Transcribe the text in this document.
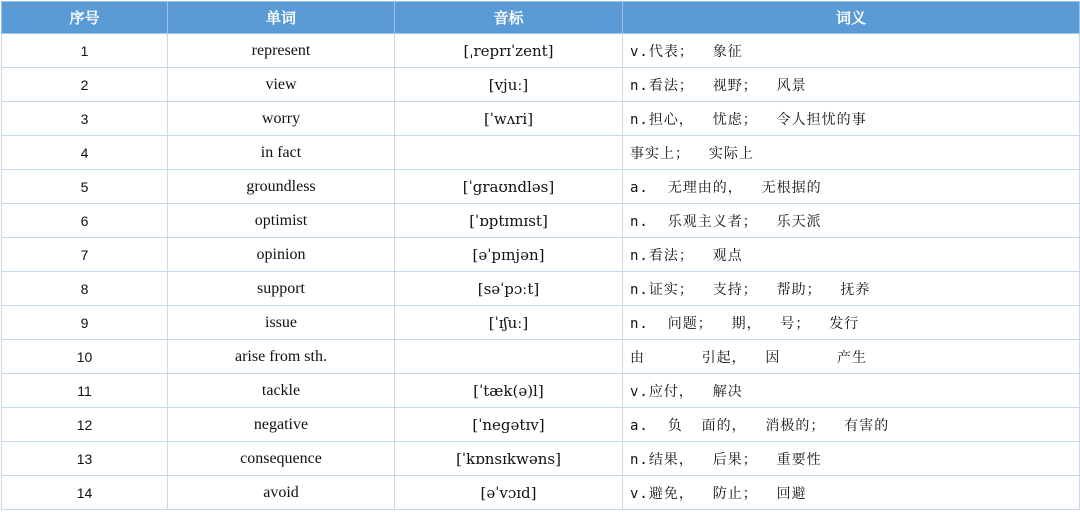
序号	单词	音标	词义
1	represent	[ˌreprɪˈzent]	v.代表；  象征
2	view	[vjuː]	n.看法；  视野；  风景
3	worry	[ˈwʌri]	n.担心，  忧虑；  令人担忧的事
4	in fact		事实上；  实际上
5	groundless	[ˈgraʊndləs]	a.  无理由的，  无根据的
6	optimist	[ˈɒptɪmɪst]	n.  乐观主义者；  乐天派
7	opinion	[əˈpɪnjən]	n.看法；  观点
8	support	[səˈpɔːt]	n.证实；  支持；  帮助；  抚养
9	issue	[ˈɪʃuː]	n.  问题；  期，  号；  发行
10	arise from sth.		由      引起，  因      产生
11	tackle	[ˈtæk(ə)l]	v.应付，  解决
12	negative	[ˈnegətɪv]	a.  负  面的，  消极的；  有害的
13	consequence	[ˈkɒnsɪkwəns]	n.结果，  后果；  重要性
14	avoid	[əˈvɔɪd]	v.避免，  防止；  回避
